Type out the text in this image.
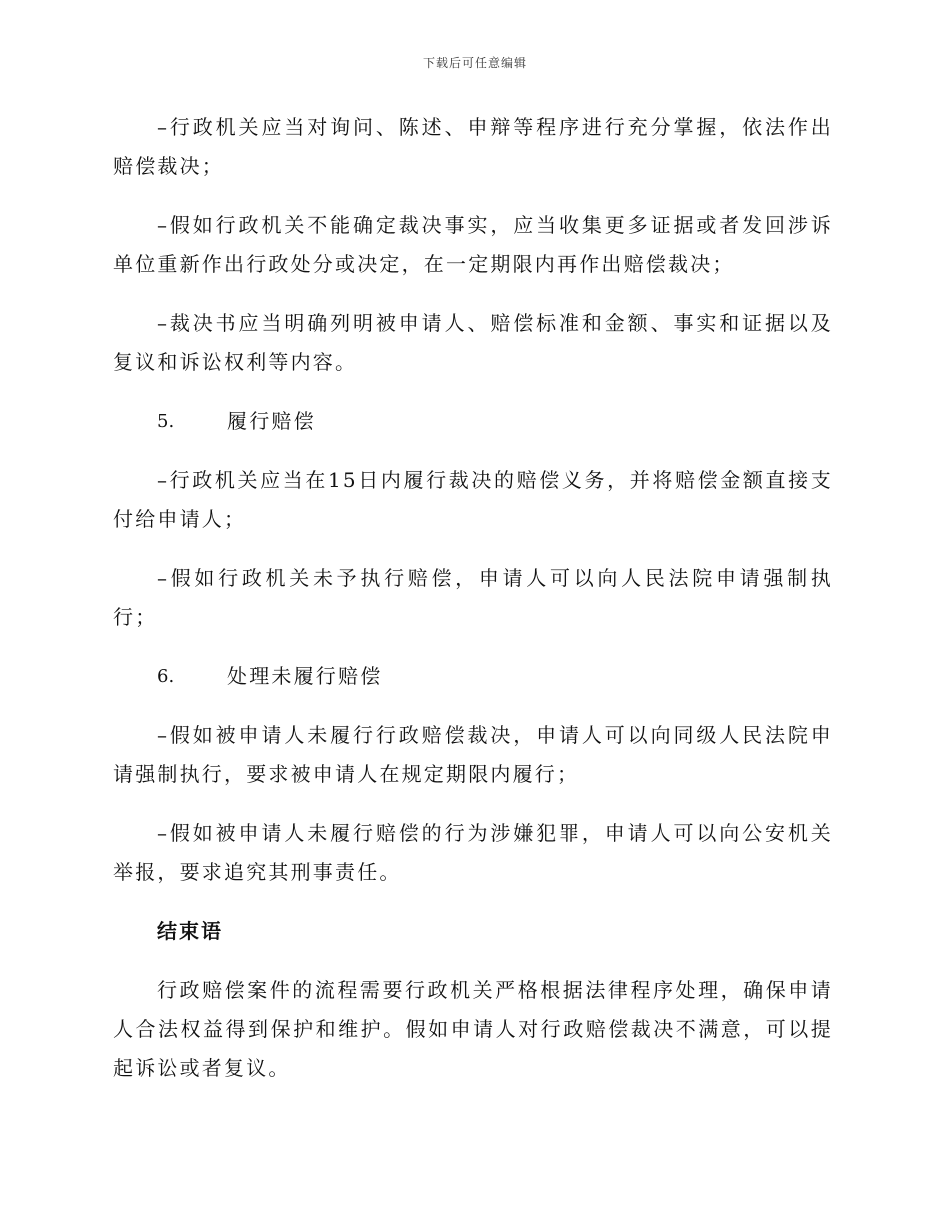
下载后可任意编辑

–行政机关应当对询问、陈述、申辩等程序进行充分掌握，依法作出赔偿裁决；

–假如行政机关不能确定裁决事实，应当收集更多证据或者发回涉诉单位重新作出行政处分或决定，在一定期限内再作出赔偿裁决；

–裁决书应当明确列明被申请人、赔偿标准和金额、事实和证据以及复议和诉讼权利等内容。

5.	履行赔偿

–行政机关应当在15日内履行裁决的赔偿义务，并将赔偿金额直接支付给申请人；

–假如行政机关未予执行赔偿，申请人可以向人民法院申请强制执行；

6.	处理未履行赔偿

–假如被申请人未履行行政赔偿裁决，申请人可以向同级人民法院申请强制执行，要求被申请人在规定期限内履行；

–假如被申请人未履行赔偿的行为涉嫌犯罪，申请人可以向公安机关举报，要求追究其刑事责任。

结束语

行政赔偿案件的流程需要行政机关严格根据法律程序处理，确保申请人合法权益得到保护和维护。假如申请人对行政赔偿裁决不满意，可以提起诉讼或者复议。
